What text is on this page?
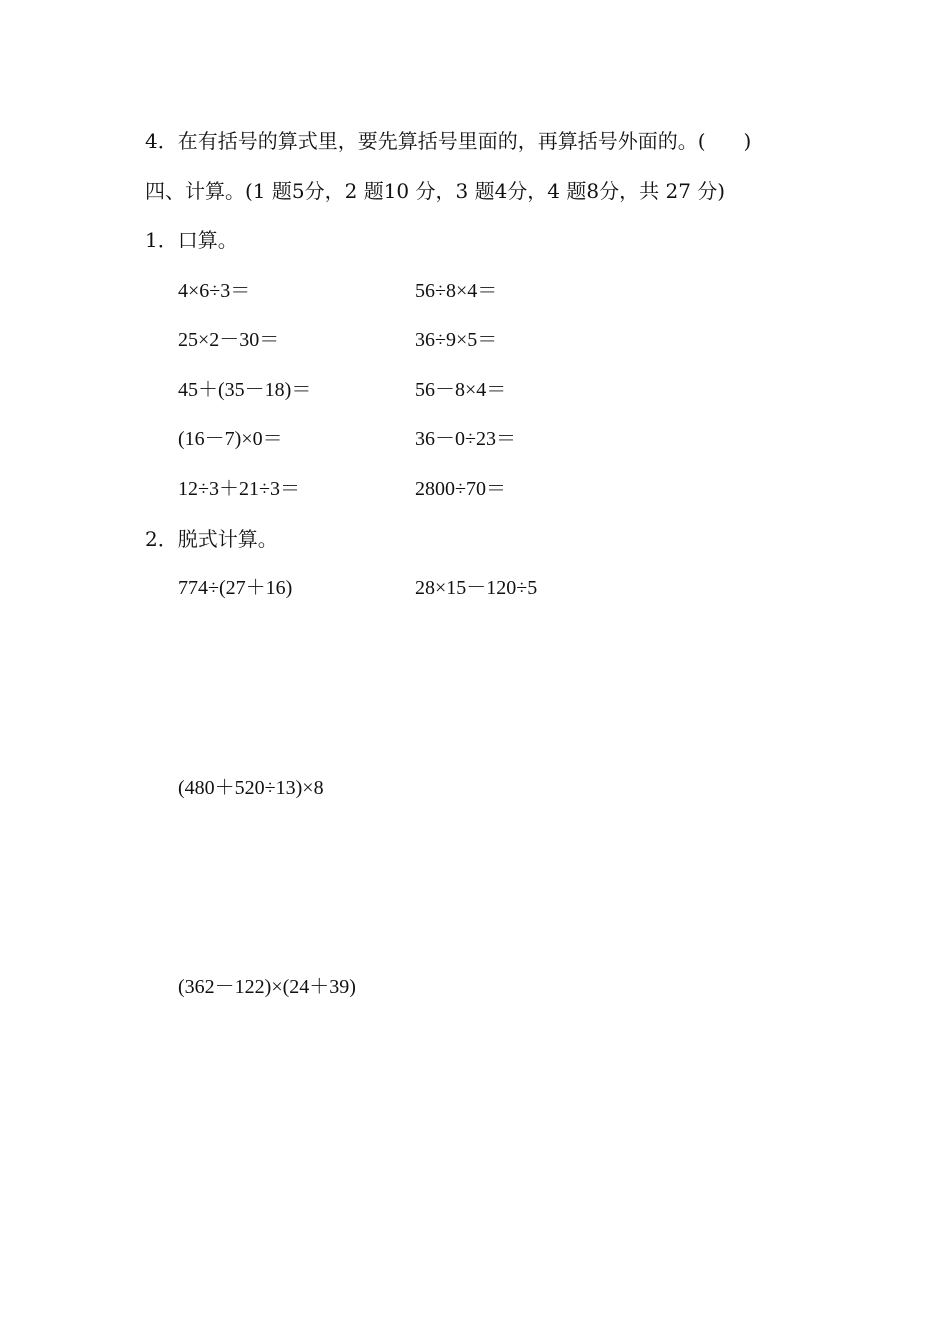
4．在有括号的算式里，要先算括号里面的，再算括号外面的。( )
四、计算。(1 题5分，2 题10 分，3 题4分，4 题8分，共 27 分)
1．口算。
4×6÷3＝	56÷8×4＝
25×2－30＝	36÷9×5＝
45＋(35－18)＝	56－8×4＝
(16－7)×0＝	36－0÷23＝
12÷3＋21÷3＝	2800÷70＝
2．脱式计算。
774÷(27＋16)	28×15－120÷5
(480＋520÷13)×8
(362－122)×(24＋39)
